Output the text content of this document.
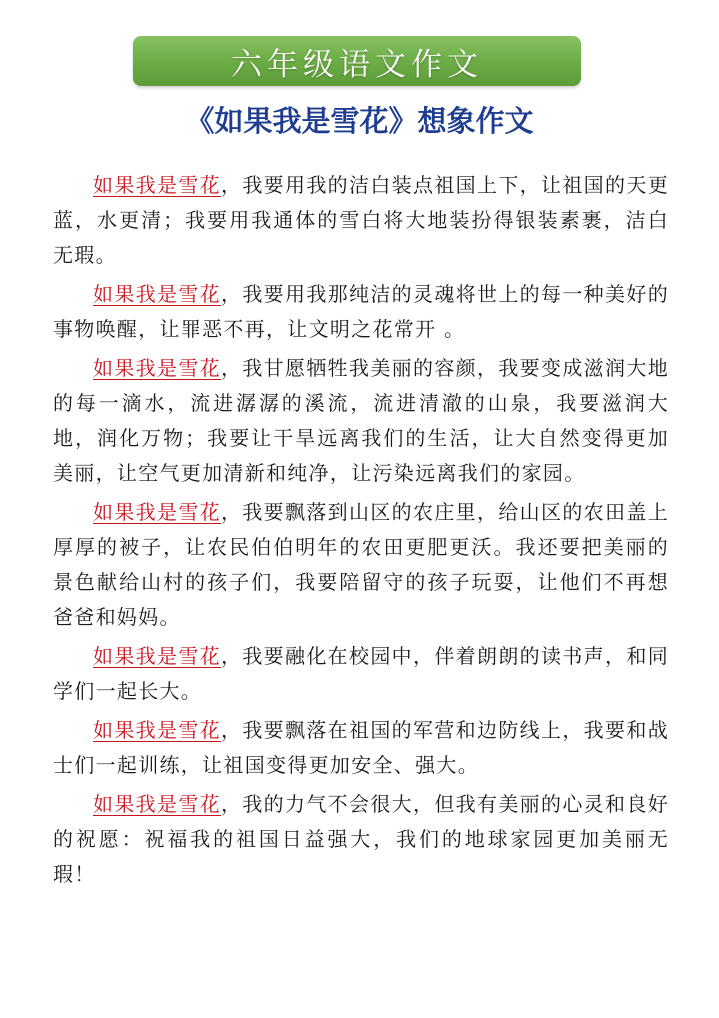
六年级语文作文
《如果我是雪花》想象作文

如果我是雪花，我要用我的洁白装点祖国上下，让祖国的天更蓝，水更清；我要用我通体的雪白将大地装扮得银装素裹，洁白无瑕。

如果我是雪花，我要用我那纯洁的灵魂将世上的每一种美好的事物唤醒，让罪恶不再，让文明之花常开 。

如果我是雪花，我甘愿牺牲我美丽的容颜，我要变成滋润大地的每一滴水，流进潺潺的溪流，流进清澈的山泉，我要滋润大地，润化万物；我要让干旱远离我们的生活，让大自然变得更加美丽，让空气更加清新和纯净，让污染远离我们的家园。

如果我是雪花，我要飘落到山区的农庄里，给山区的农田盖上厚厚的被子，让农民伯伯明年的农田更肥更沃。我还要把美丽的景色献给山村的孩子们，我要陪留守的孩子玩耍，让他们不再想爸爸和妈妈。

如果我是雪花，我要融化在校园中，伴着朗朗的读书声，和同学们一起长大。

如果我是雪花，我要飘落在祖国的军营和边防线上，我要和战士们一起训练，让祖国变得更加安全、强大。

如果我是雪花，我的力气不会很大，但我有美丽的心灵和良好的祝愿：祝福我的祖国日益强大，我们的地球家园更加美丽无瑕！
